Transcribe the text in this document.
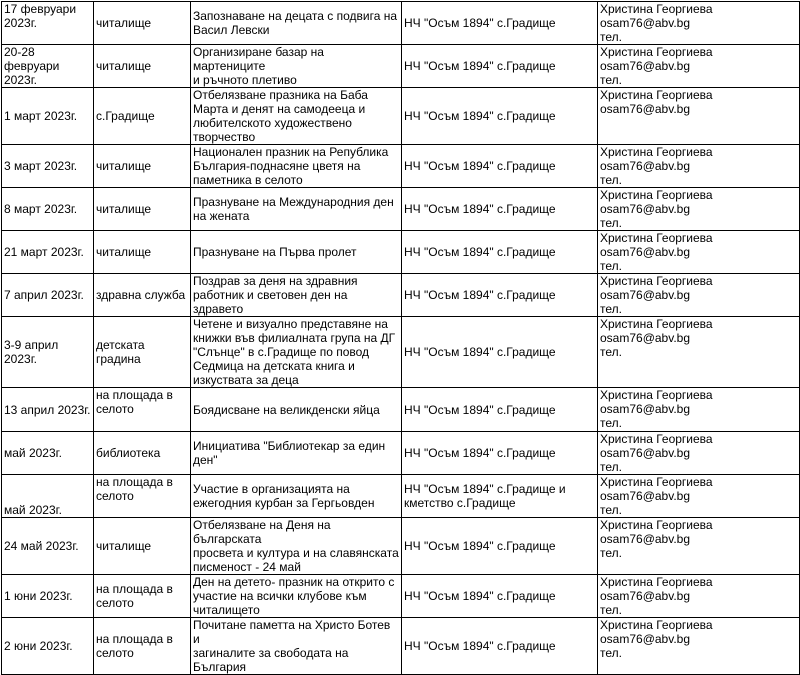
17 февруари
2023г.	читалище	Запознаване на децата с подвига на
Васил Левски	НЧ "Осъм 1894" с.Градище	Христина Георгиева
osam76@abv.bg
тел.

20-28 февруари
2023г.	читалище	Организиране базар на мартениците
и ръчното плетиво	НЧ "Осъм 1894" с.Градище	Христина Георгиева
osam76@abv.bg
тел.

1 март 2023г.	с.Градище	Отбелязване празника на Баба
Марта и денят на самодееца и
любителското художествено
творчество	НЧ "Осъм 1894" с.Градище	Христина Георгиева
osam76@abv.bg

3 март 2023г.	читалище	Национален празник на Република
България-поднасяне цветя на
паметника в селото	НЧ "Осъм 1894" с.Градище	Христина Георгиева
osam76@abv.bg
тел.

8 март 2023г.	читалище	Празнуване на Международния ден
на жената	НЧ "Осъм 1894" с.Градище	Христина Георгиева
osam76@abv.bg
тел.

21 март 2023г.	читалище	Празнуване на Първа пролет	НЧ "Осъм 1894" с.Градище	Христина Георгиева
osam76@abv.bg
тел.

7 април 2023г.	здравна служба	Поздрав за деня на здравния
работник и световен ден на здравето	НЧ "Осъм 1894" с.Градище	Христина Георгиева
osam76@abv.bg
тел.

3-9 април
2023г.	детската
градина	Четене и визуално представяне на
книжки във филиалната група на ДГ
"Слънце" в с.Градище по повод
Седмица на детската книга и
изкуствата за деца	НЧ "Осъм 1894" с.Градище	Христина Георгиева
osam76@abv.bg
тел.

13 април 2023г.	на площада в
селото	Боядисване на великденски яйца	НЧ "Осъм 1894" с.Градище	Христина Георгиева
osam76@abv.bg
тел.

май 2023г.	библиотека	Инициатива "Библиотекар за един
ден"	НЧ "Осъм 1894" с.Градище	Христина Георгиева
osam76@abv.bg
тел.

май 2023г.	на площада в
селото	Участие в организацията на
ежегодния курбан за Гергьовден	НЧ "Осъм 1894" с.Градище и
кметство с.Градище	Христина Георгиева
osam76@abv.bg
тел.

24 май 2023г.	читалище	Отбелязване на Деня на българската
просвета и култура и на славянската
писменост - 24 май	НЧ "Осъм 1894" с.Градище	Христина Георгиева
osam76@abv.bg
тел.

1 юни 2023г.	на площада в
селото	Ден на детето- празник на открито с
участие на всички клубове към
читалището	НЧ "Осъм 1894" с.Градище	Христина Георгиева
osam76@abv.bg
тел.

2 юни 2023г.	на площада в
селото	Почитане паметта на Христо Ботев и
загиналите за свободата на
България	НЧ "Осъм 1894" с.Градище	Христина Георгиева
osam76@abv.bg
тел.
